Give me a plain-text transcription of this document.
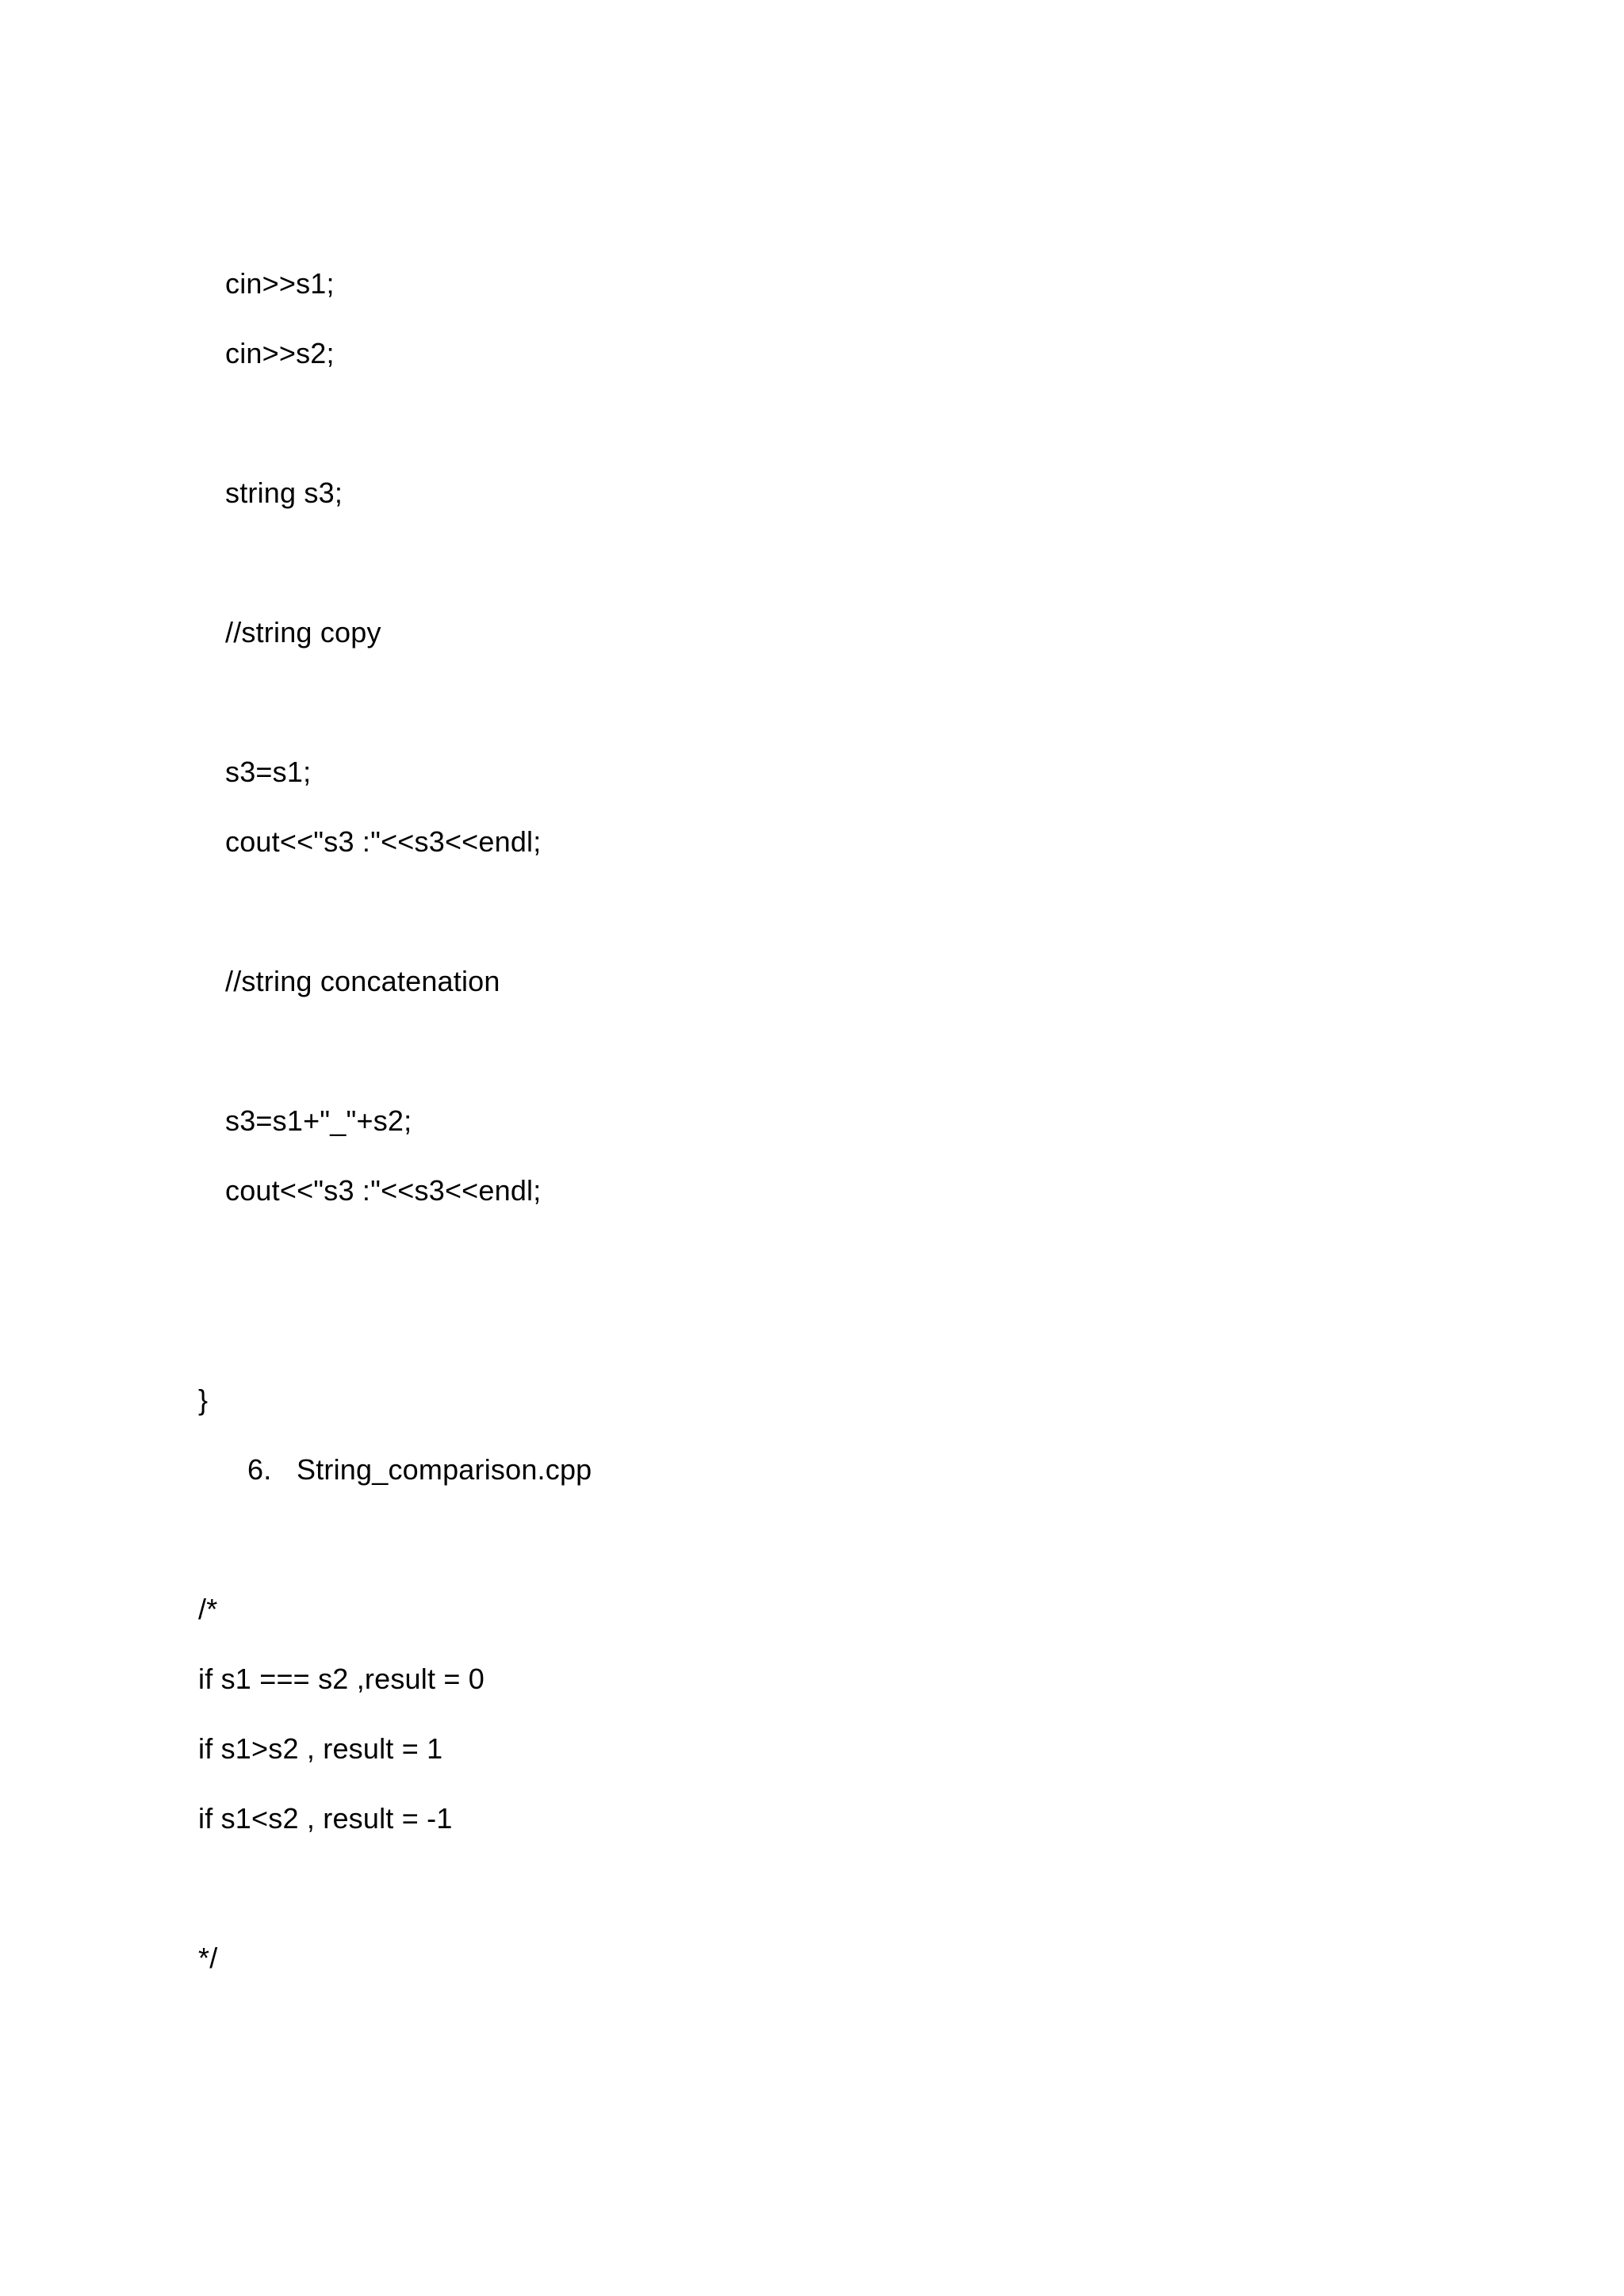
cin>>s1;
cin>>s2;
string s3;
//string copy
s3=s1;
cout<<"s3 :"<<s3<<endl;
//string concatenation
s3=s1+"_"+s2;
cout<<"s3 :"<<s3<<endl;
}
6. String_comparison.cpp
/*
if s1 === s2 ,result = 0
if s1>s2 , result = 1
if s1<s2 , result = -1
*/
